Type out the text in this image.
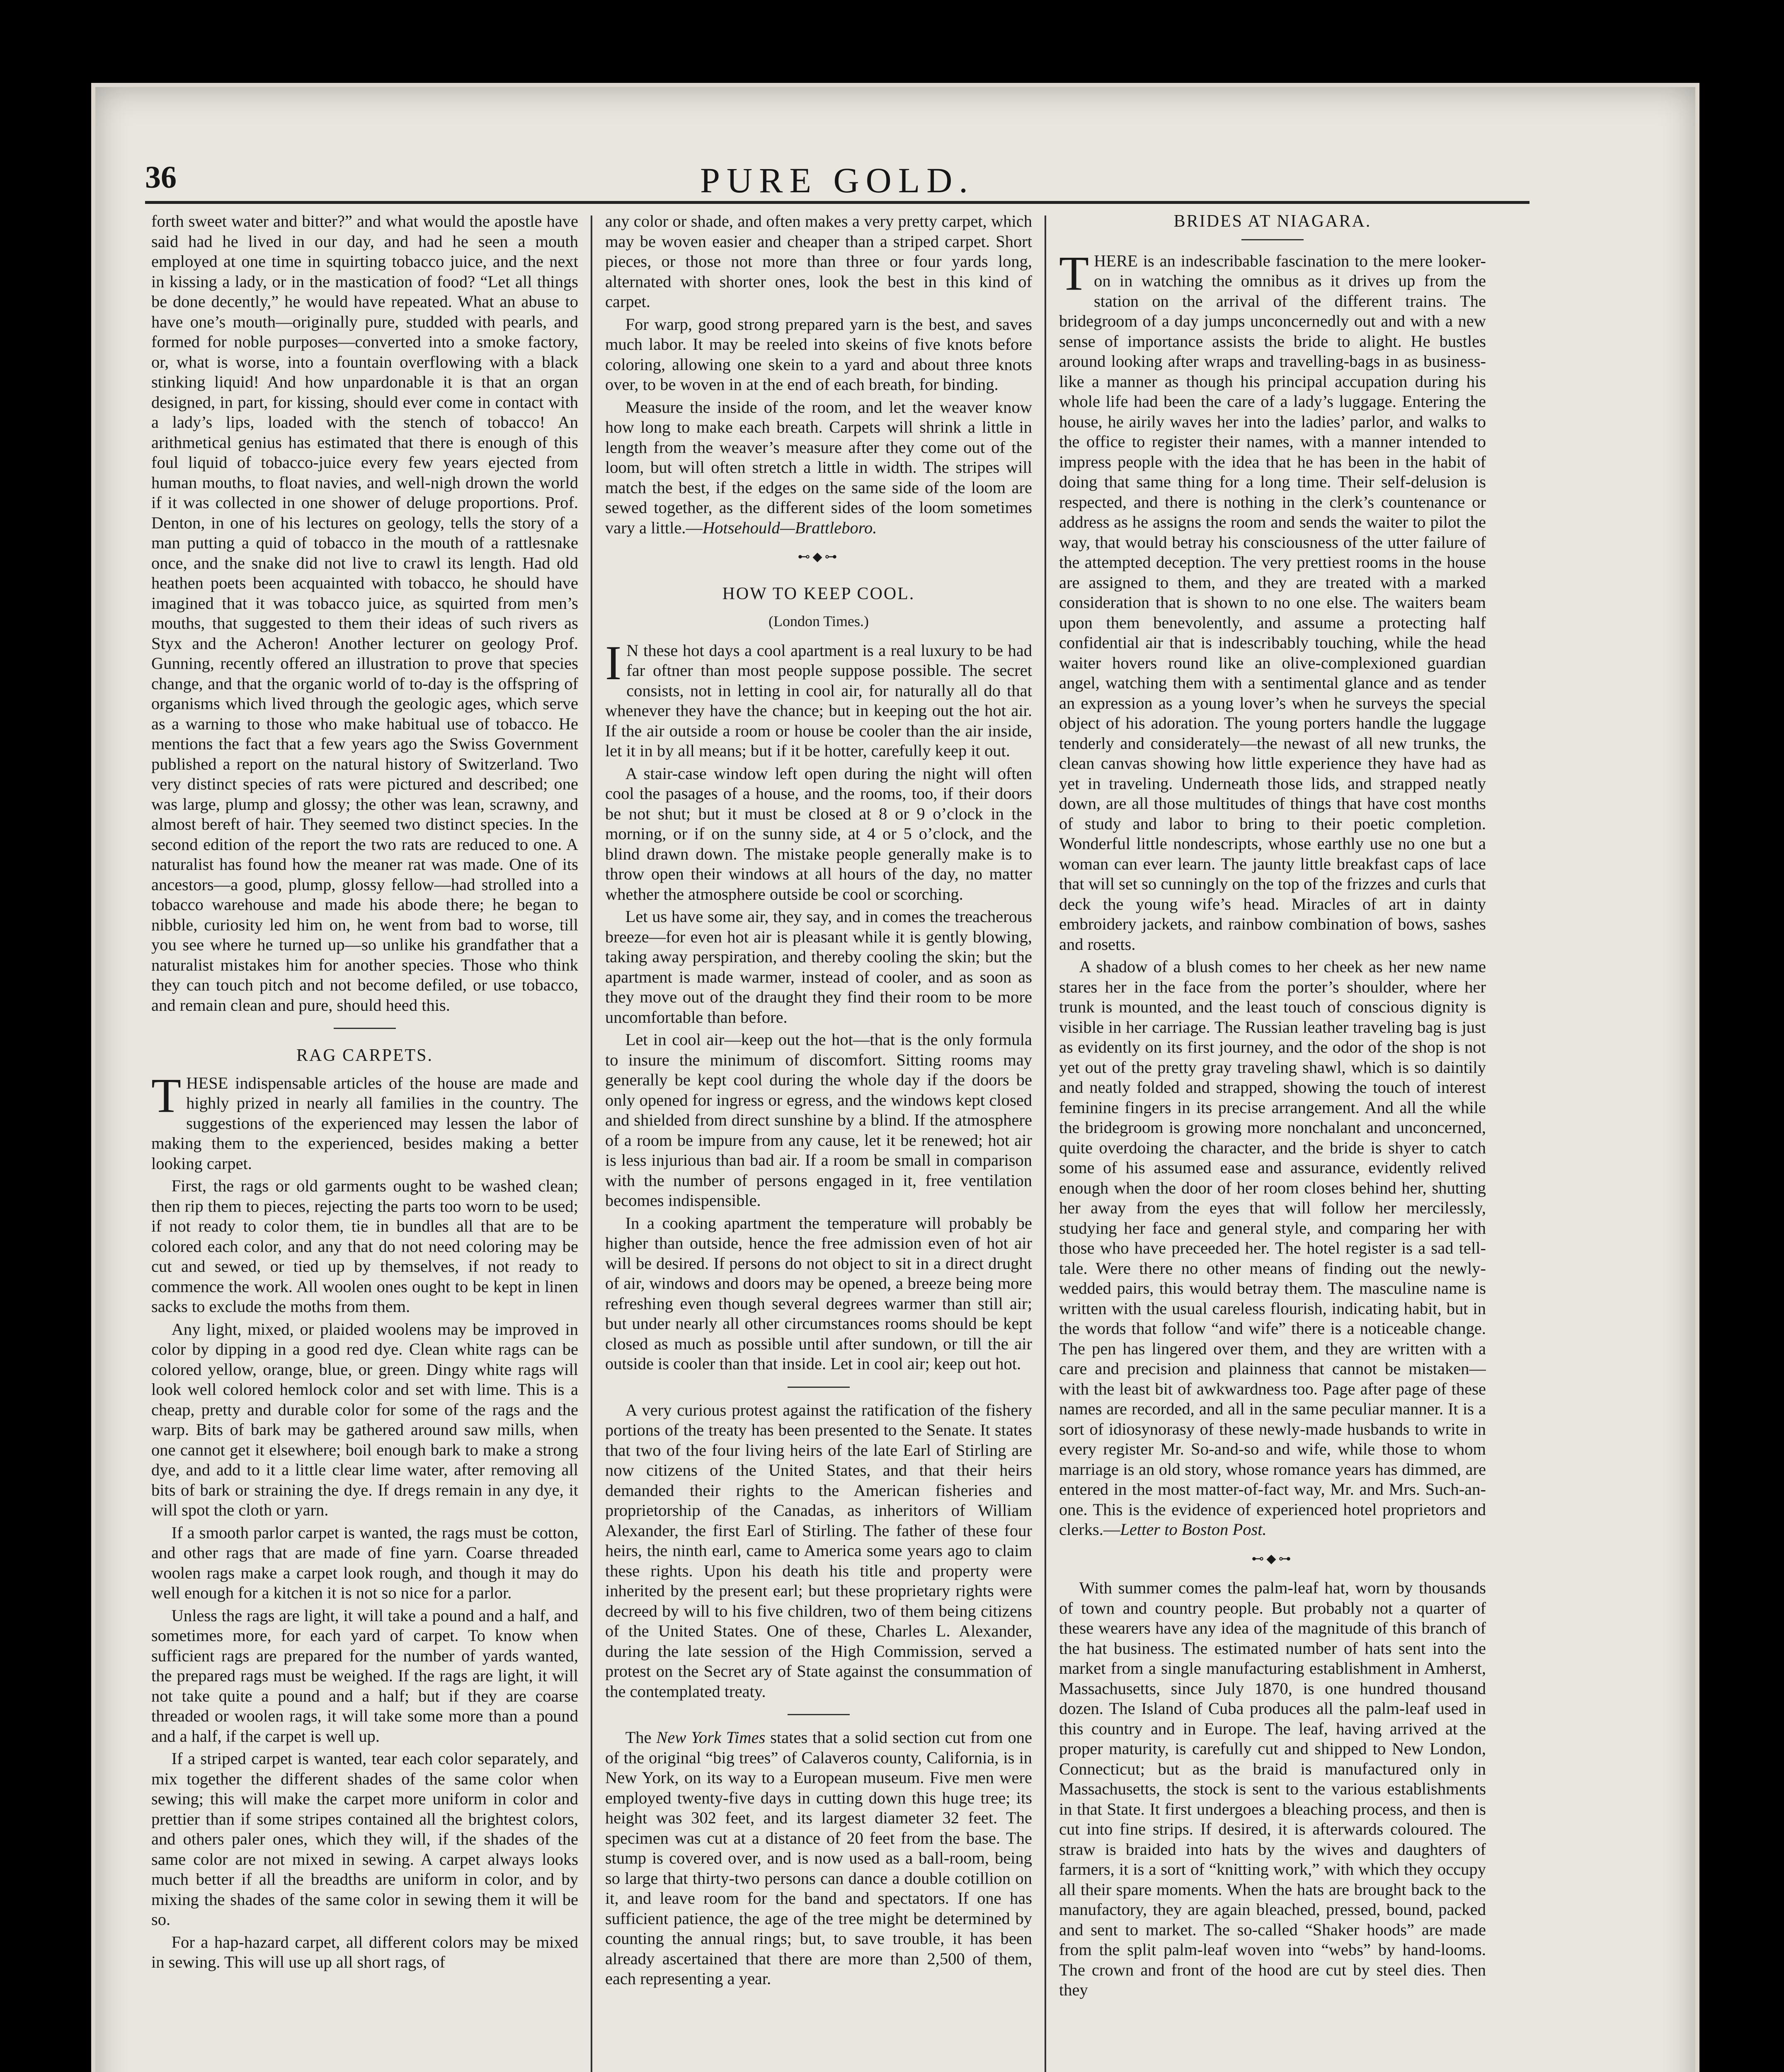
36	PURE GOLD.

forth sweet water and bitter?” and what would the apostle have said had he lived in our day, and had he seen a mouth employed at one time in squirting tobacco juice, and the next in kissing a lady, or in the mastication of food? “Let all things be done decently,” he would have repeated. What an abuse to have one’s mouth—originally pure, studded with pearls, and formed for noble purposes—converted into a smoke factory, or, what is worse, into a fountain overflowing with a black stinking liquid! And how unpardonable it is that an organ designed, in part, for kissing, should ever come in contact with a lady’s lips, loaded with the stench of tobacco! An arithmetical genius has estimated that there is enough of this foul liquid of tobacco-juice every few years ejected from human mouths, to float navies, and well-nigh drown the world if it was collected in one shower of deluge proportions. Prof. Denton, in one of his lectures on geology, tells the story of a man putting a quid of tobacco in the mouth of a rattlesnake once, and the snake did not live to crawl its length. Had old heathen poets been acquainted with tobacco, he should have imagined that it was tobacco juice, as squirted from men’s mouths, that suggested to them their ideas of such rivers as Styx and the Acheron! Another lecturer on geology Prof. Gunning, recently offered an illustration to prove that species change, and that the organic world of to-day is the offspring of organisms which lived through the geologic ages, which serve as a warning to those who make habitual use of tobacco. He mentions the fact that a few years ago the Swiss Government published a report on the natural history of Switzerland. Two very distinct species of rats were pictured and described; one was large, plump and glossy; the other was lean, scrawny, and almost bereft of hair. They seemed two distinct species. In the second edition of the report the two rats are reduced to one. A naturalist has found how the meaner rat was made. One of its ancestors—a good, plump, glossy fellow—had strolled into a tobacco warehouse and made his abode there; he began to nibble, curiosity led him on, he went from bad to worse, till you see where he turned up—so unlike his grandfather that a naturalist mistakes him for another species. Those who think they can touch pitch and not become defiled, or use tobacco, and remain clean and pure, should heed this.

RAG CARPETS.

THESE indispensable articles of the house are made and highly prized in nearly all families in the country. The suggestions of the experienced may lessen the labor of making them to the experienced, besides making a better looking carpet.

First, the rags or old garments ought to be washed clean; then rip them to pieces, rejecting the parts too worn to be used; if not ready to color them, tie in bundles all that are to be colored each color, and any that do not need coloring may be cut and sewed, or tied up by themselves, if not ready to commence the work. All woolen ones ought to be kept in linen sacks to exclude the moths from them.

Any light, mixed, or plaided woolens may be improved in color by dipping in a good red dye. Clean white rags can be colored yellow, orange, blue, or green. Dingy white rags will look well colored hemlock color and set with lime. This is a cheap, pretty and durable color for some of the rags and the warp. Bits of bark may be gathered around saw mills, when one cannot get it elsewhere; boil enough bark to make a strong dye, and add to it a little clear lime water, after removing all bits of bark or straining the dye. If dregs remain in any dye, it will spot the cloth or yarn.

If a smooth parlor carpet is wanted, the rags must be cotton, and other rags that are made of fine yarn. Coarse threaded woolen rags make a carpet look rough, and though it may do well enough for a kitchen it is not so nice for a parlor.

Unless the rags are light, it will take a pound and a half, and sometimes more, for each yard of carpet. To know when sufficient rags are prepared for the number of yards wanted, the prepared rags must be weighed. If the rags are light, it will not take quite a pound and a half; but if they are coarse threaded or woolen rags, it will take some more than a pound and a half, if the carpet is well up.

If a striped carpet is wanted, tear each color separately, and mix together the different shades of the same color when sewing; this will make the carpet more uniform in color and prettier than if some stripes contained all the brightest colors, and others paler ones, which they will, if the shades of the same color are not mixed in sewing. A carpet always looks much better if all the breadths are uniform in color, and by mixing the shades of the same color in sewing them it will be so.

For a hap-hazard carpet, all different colors may be mixed in sewing. This will use up all short rags, of

any color or shade, and often makes a very pretty carpet, which may be woven easier and cheaper than a striped carpet. Short pieces, or those not more than three or four yards long, alternated with shorter ones, look the best in this kind of carpet.

For warp, good strong prepared yarn is the best, and saves much labor. It may be reeled into skeins of five knots before coloring, allowing one skein to a yard and about three knots over, to be woven in at the end of each breath, for binding.

Measure the inside of the room, and let the weaver know how long to make each breath. Carpets will shrink a little in length from the weaver’s measure after they come out of the loom, but will often stretch a little in width. The stripes will match the best, if the edges on the same side of the loom are sewed together, as the different sides of the loom sometimes vary a little.—Hotsehould—Brattleboro.

⊷◆⊶
HOW TO KEEP COOL.
(London Times.)

I N these hot days a cool apartment is a real luxury to be had far oftner than most people suppose possible. The secret consists, not in letting in cool air, for naturally all do that whenever they have the chance; but in keeping out the hot air. If the air outside a room or house be cooler than the air inside, let it in by all means; but if it be hotter, carefully keep it out.

A stair-case window left open during the night will often cool the pasages of a house, and the rooms, too, if their doors be not shut; but it must be closed at 8 or 9 o’clock in the morning, or if on the sunny side, at 4 or 5 o’clock, and the blind drawn down. The mistake people generally make is to throw open their windows at all hours of the day, no matter whether the atmosphere outside be cool or scorching.

Let us have some air, they say, and in comes the treacherous breeze—for even hot air is pleasant while it is gently blowing, taking away perspiration, and thereby cooling the skin; but the apartment is made warmer, instead of cooler, and as soon as they move out of the draught they find their room to be more uncomfortable than before.

Let in cool air—keep out the hot—that is the only formula to insure the minimum of discomfort. Sitting rooms may generally be kept cool during the whole day if the doors be only opened for ingress or egress, and the windows kept closed and shielded from direct sunshine by a blind. If the atmosphere of a room be impure from any cause, let it be renewed; hot air is less injurious than bad air. If a room be small in comparison with the number of persons engaged in it, free ventilation becomes indispensible.

In a cooking apartment the temperature will probably be higher than outside, hence the free admission even of hot air will be desired. If persons do not object to sit in a direct drught of air, windows and doors may be opened, a breeze being more refreshing even though several degrees warmer than still air; but under nearly all other circumstances rooms should be kept closed as much as possible until after sundown, or till the air outside is cooler than that inside. Let in cool air; keep out hot.

A very curious protest against the ratification of the fishery portions of the treaty has been presented to the Senate. It states that two of the four living heirs of the late Earl of Stirling are now citizens of the United States, and that their heirs demanded their rights to the American fisheries and proprietorship of the Canadas, as inheritors of William Alexander, the first Earl of Stirling. The father of these four heirs, the ninth earl, came to America some years ago to claim these rights. Upon his death his title and property were inherited by the present earl; but these proprietary rights were decreed by will to his five children, two of them being citizens of the United States. One of these, Charles L. Alexander, during the late session of the High Commission, served a protest on the Secret ary of State against the consummation of the contemplated treaty.

The New York Times states that a solid section cut from one of the original “big trees” of Calaveros county, California, is in New York, on its way to a European museum. Five men were employed twenty-five days in cutting down this huge tree; its height was 302 feet, and its largest diameter 32 feet. The specimen was cut at a distance of 20 feet from the base. The stump is covered over, and is now used as a ball-room, being so large that thirty-two persons can dance a double cotillion on it, and leave room for the band and spectators. If one has sufficient patience, the age of the tree might be determined by counting the annual rings; but, to save trouble, it has been already ascertained that there are more than 2,500 of them, each representing a year.

BRIDES AT NIAGARA.

THERE is an indescribable fascination to the mere looker-on in watching the omnibus as it drives up from the station on the arrival of the different trains. The bridegroom of a day jumps unconcernedly out and with a new sense of importance assists the bride to alight. He bustles around looking after wraps and travelling-bags in as business-like a manner as though his principal accupation during his whole life had been the care of a lady’s luggage. Entering the house, he airily waves her into the ladies’ parlor, and walks to the office to register their names, with a manner intended to impress people with the idea that he has been in the habit of doing that same thing for a long time. Their self-delusion is respected, and there is nothing in the clerk’s countenance or address as he assigns the room and sends the waiter to pilot the way, that would betray his consciousness of the utter failure of the attempted deception. The very prettiest rooms in the house are assigned to them, and they are treated with a marked consideration that is shown to no one else. The waiters beam upon them benevolently, and assume a protecting half confidential air that is indescribably touching, while the head waiter hovers round like an olive-complexioned guardian angel, watching them with a sentimental glance and as tender an expression as a young lover’s when he surveys the special object of his adoration. The young porters handle the luggage tenderly and considerately—the newast of all new trunks, the clean canvas showing how little experience they have had as yet in traveling. Underneath those lids, and strapped neatly down, are all those multitudes of things that have cost months of study and labor to bring to their poetic completion. Wonderful little nondescripts, whose earthly use no one but a woman can ever learn. The jaunty little breakfast caps of lace that will set so cunningly on the top of the frizzes and curls that deck the young wife’s head. Miracles of art in dainty embroidery jackets, and rainbow combination of bows, sashes and rosetts.

A shadow of a blush comes to her cheek as her new name stares her in the face from the porter’s shoulder, where her trunk is mounted, and the least touch of conscious dignity is visible in her carriage. The Russian leather traveling bag is just as evidently on its first journey, and the odor of the shop is not yet out of the pretty gray traveling shawl, which is so daintily and neatly folded and strapped, showing the touch of interest feminine fingers in its precise arrangement. And all the while the bridegroom is growing more nonchalant and unconcerned, quite overdoing the character, and the bride is shyer to catch some of his assumed ease and assurance, evidently relived enough when the door of her room closes behind her, shutting her away from the eyes that will follow her mercilessly, studying her face and general style, and comparing her with those who have preceeded her. The hotel register is a sad tell-tale. Were there no other means of finding out the newly-wedded pairs, this would betray them. The masculine name is written with the usual careless flourish, indicating habit, but in the words that follow “and wife” there is a noticeable change. The pen has lingered over them, and they are written with a care and precision and plainness that cannot be mistaken—with the least bit of awkwardness too. Page after page of these names are recorded, and all in the same peculiar manner. It is a sort of idiosynorasy of these newly-made husbands to write in every register Mr. So-and-so and wife, while those to whom marriage is an old story, whose romance years has dimmed, are entered in the most matter-of-fact way, Mr. and Mrs. Such-an-one. This is the evidence of experienced hotel proprietors and clerks.—Letter to Boston Post.

⊷◆⊶

With summer comes the palm-leaf hat, worn by thousands of town and country people. But probably not a quarter of these wearers have any idea of the magnitude of this branch of the hat business. The estimated number of hats sent into the market from a single manufacturing establishment in Amherst, Massachusetts, since July 1870, is one hundred thousand dozen. The Island of Cuba produces all the palm-leaf used in this country and in Europe. The leaf, having arrived at the proper maturity, is carefully cut and shipped to New London, Connecticut; but as the braid is manufactured only in Massachusetts, the stock is sent to the various establishments in that State. It first undergoes a bleaching process, and then is cut into fine strips. If desired, it is afterwards coloured. The straw is braided into hats by the wives and daughters of farmers, it is a sort of “knitting work,” with which they occupy all their spare moments. When the hats are brought back to the manufactory, they are again bleached, pressed, bound, packed and sent to market. The so-called “Shaker hoods” are made from the split palm-leaf woven into “webs” by hand-looms. The crown and front of the hood are cut by steel dies. Then they
